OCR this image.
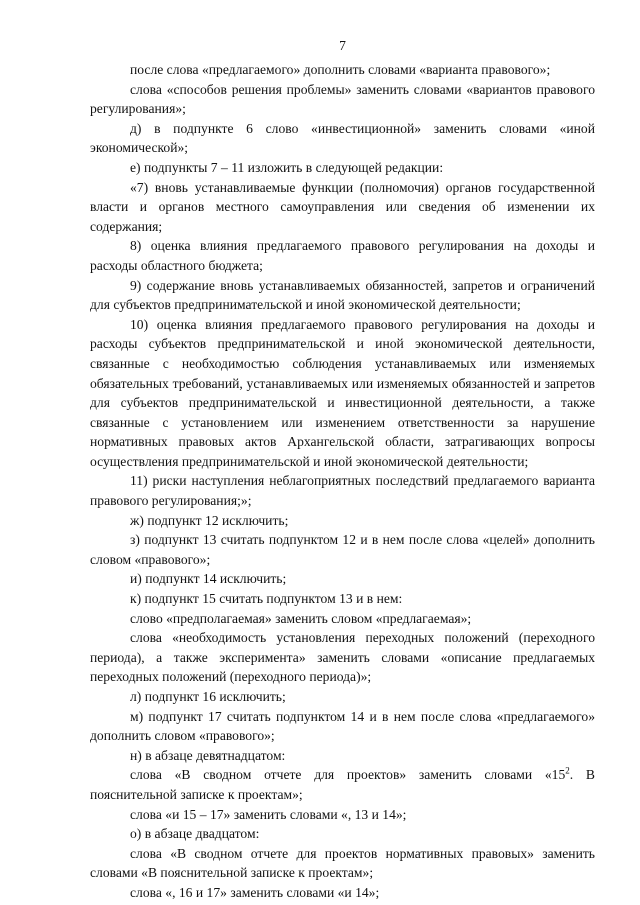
7

после слова «предлагаемого» дополнить словами «варианта правового»;

слова «способов решения проблемы» заменить словами «вариантов правового регулирования»;

д) в подпункте 6 слово «инвестиционной» заменить словами «иной экономической»;

е) подпункты 7 – 11 изложить в следующей редакции:

«7) вновь устанавливаемые функции (полномочия) органов государственной власти и органов местного самоуправления или сведения об изменении их содержания;

8) оценка влияния предлагаемого правового регулирования на доходы и расходы областного бюджета;

9) содержание вновь устанавливаемых обязанностей, запретов и ограничений для субъектов предпринимательской и иной экономической деятельности;

10) оценка влияния предлагаемого правового регулирования на доходы и расходы субъектов предпринимательской и иной экономической деятельности, связанные с необходимостью соблюдения устанавливаемых или изменяемых обязательных требований, устанавливаемых или изменяемых обязанностей и запретов для субъектов предпринимательской и инвестиционной деятельности, а также связанные с установлением или изменением ответственности за нарушение нормативных правовых актов Архангельской области, затрагивающих вопросы осуществления предпринимательской и иной экономической деятельности;

11) риски наступления неблагоприятных последствий предлагаемого варианта правового регулирования;»;

ж) подпункт 12 исключить;

з) подпункт 13 считать подпунктом 12 и в нем после слова «целей» дополнить словом «правового»;

и) подпункт 14 исключить;

к) подпункт 15 считать подпунктом 13 и в нем:

слово «предполагаемая» заменить словом «предлагаемая»;

слова «необходимость установления переходных положений (переходного периода), а также эксперимента» заменить словами «описание предлагаемых переходных положений (переходного периода)»;

л) подпункт 16 исключить;

м) подпункт 17 считать подпунктом 14 и в нем после слова «предлагаемого» дополнить словом «правового»;

н) в абзаце девятнадцатом:

слова «В сводном отчете для проектов» заменить словами «$15^2$. В пояснительной записке к проектам»;

слова «и 15 – 17» заменить словами «, 13 и 14»;

о) в абзаце двадцатом:

слова «В сводном отчете для проектов нормативных правовых» заменить словами «В пояснительной записке к проектам»;

слова «, 16 и 17» заменить словами «и 14»;
